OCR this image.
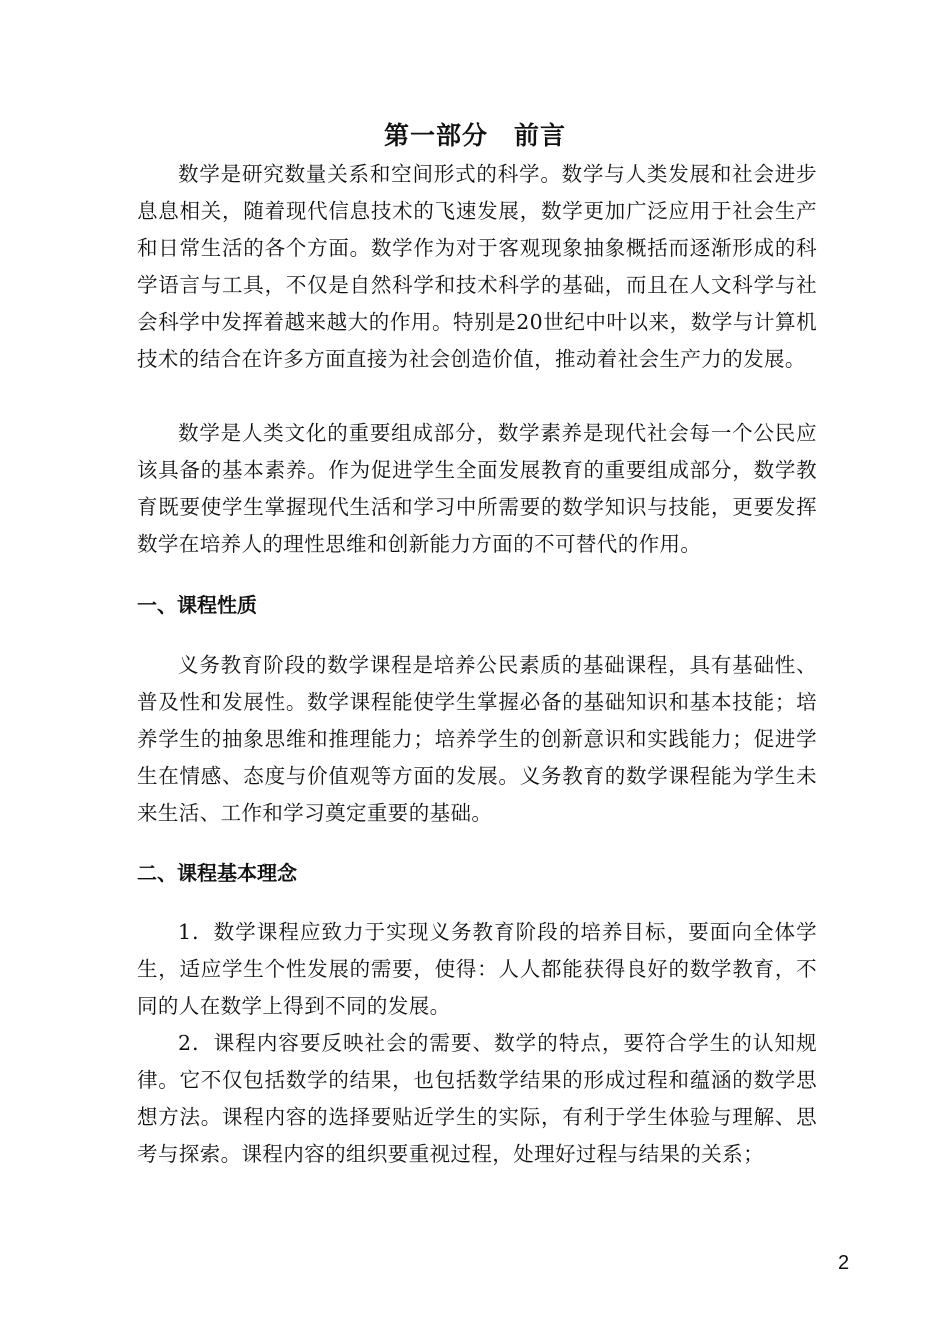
第一部分　前言

数学是研究数量关系和空间形式的科学。数学与人类发展和社会进步息息相关，随着现代信息技术的飞速发展，数学更加广泛应用于社会生产和日常生活的各个方面。数学作为对于客观现象抽象概括而逐渐形成的科学语言与工具，不仅是自然科学和技术科学的基础，而且在人文科学与社会科学中发挥着越来越大的作用。特别是20世纪中叶以来，数学与计算机技术的结合在许多方面直接为社会创造价值，推动着社会生产力的发展。

数学是人类文化的重要组成部分，数学素养是现代社会每一个公民应该具备的基本素养。作为促进学生全面发展教育的重要组成部分，数学教育既要使学生掌握现代生活和学习中所需要的数学知识与技能，更要发挥数学在培养人的理性思维和创新能力方面的不可替代的作用。

一、课程性质

义务教育阶段的数学课程是培养公民素质的基础课程，具有基础性、普及性和发展性。数学课程能使学生掌握必备的基础知识和基本技能；培养学生的抽象思维和推理能力；培养学生的创新意识和实践能力；促进学生在情感、态度与价值观等方面的发展。义务教育的数学课程能为学生未来生活、工作和学习奠定重要的基础。

二、课程基本理念

1．数学课程应致力于实现义务教育阶段的培养目标，要面向全体学生，适应学生个性发展的需要，使得：人人都能获得良好的数学教育，不同的人在数学上得到不同的发展。

2．课程内容要反映社会的需要、数学的特点，要符合学生的认知规律。它不仅包括数学的结果，也包括数学结果的形成过程和蕴涵的数学思想方法。课程内容的选择要贴近学生的实际，有利于学生体验与理解、思考与探索。课程内容的组织要重视过程，处理好过程与结果的关系；

2
